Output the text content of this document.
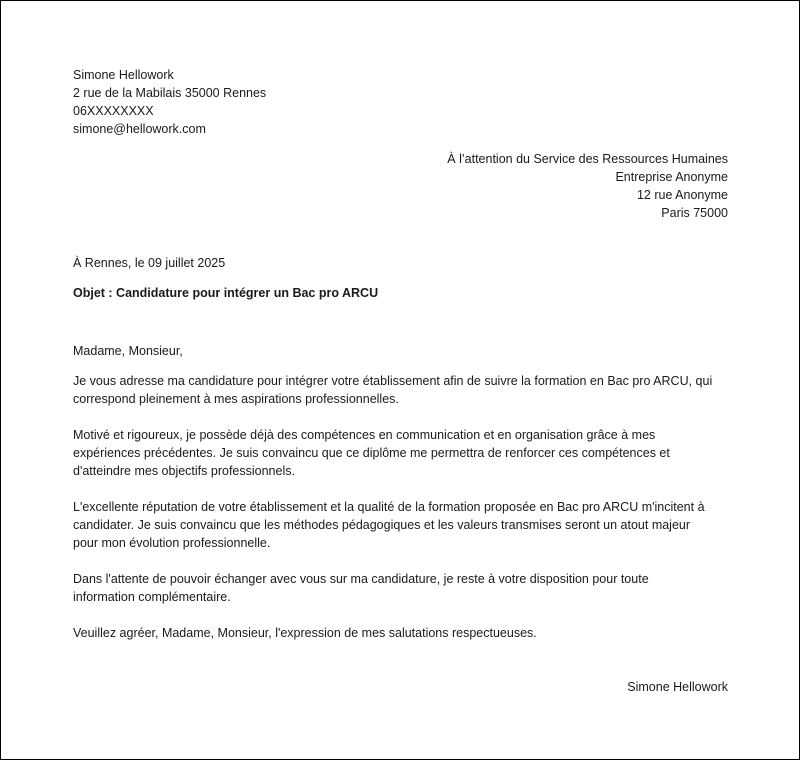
Simone Hellowork
2 rue de la Mabilais 35000 Rennes
06XXXXXXXX
simone@hellowork.com
À l’attention du Service des Ressources Humaines
Entreprise Anonyme
12 rue Anonyme
Paris 75000
À Rennes, le 09 juillet 2025
Objet : Candidature pour intégrer un Bac pro ARCU
Madame, Monsieur,
Je vous adresse ma candidature pour intégrer votre établissement afin de suivre la formation en Bac pro ARCU, qui
correspond pleinement à mes aspirations professionnelles.
Motivé et rigoureux, je possède déjà des compétences en communication et en organisation grâce à mes
expériences précédentes. Je suis convaincu que ce diplôme me permettra de renforcer ces compétences et
d'atteindre mes objectifs professionnels.
L'excellente réputation de votre établissement et la qualité de la formation proposée en Bac pro ARCU m'incitent à
candidater. Je suis convaincu que les méthodes pédagogiques et les valeurs transmises seront un atout majeur
pour mon évolution professionnelle.
Dans l'attente de pouvoir échanger avec vous sur ma candidature, je reste à votre disposition pour toute
information complémentaire.
Veuillez agréer, Madame, Monsieur, l'expression de mes salutations respectueuses.
Simone Hellowork
